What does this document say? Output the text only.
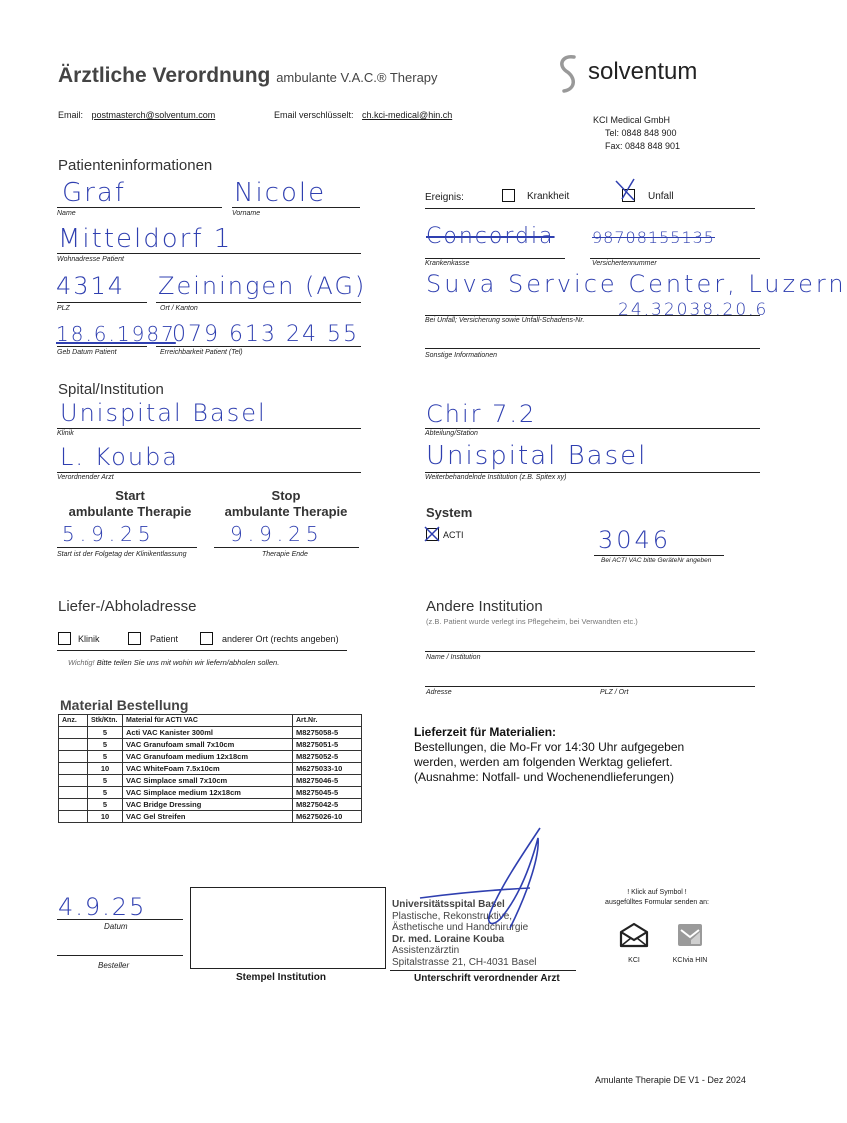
Ärztliche Verordnung ambulante V.A.C.® Therapy	solventum
Email: postmasterch@solventum.com	Email verschlüsselt: ch.kci-medical@hin.ch	KCI Medical GmbH
Tel: 0848 848 900
Fax: 0848 848 901
Patienteninformationen
Graf
Name
Nicole
Vorname
Mitteldorf 1
Wohnadresse Patient
4314
PLZ
Zeiningen (AG)
Ort / Kanton
18.6.1987
Geb Datum Patient
079 613 24 55
Erreichbarkeit Patient (Tel)
Ereignis:	Krankheit	Unfall
Concordia
Krankenkasse
98708155135
Versichertennummer
Suva Service Center, Luzern
24.32038.20.6
Bei Unfall; Versicherung sowie Unfall-Schadens-Nr.
Sonstige Informationen
Spital/Institution
Unispital Basel
Klinik
Chir 7.2
Abteilung/Station
L. Kouba
Verordnender Arzt
Unispital Basel
Weiterbehandelnde Institution (z.B. Spitex xy)
Start
ambulante Therapie
Stop
ambulante Therapie
5.9.25
Start ist der Folgetag der Klinikentlassung
9.9.25
Therapie Ende
System
ACTI	3046
Bei ACTI VAC bitte GeräteNr angeben
Liefer-/Abholadresse
Klinik	Patient	anderer Ort (rechts angeben)
Wichtig! Bitte teilen Sie uns mit wohin wir liefern/abholen sollen.
Andere Institution
(z.B. Patient wurde verlegt ins Pflegeheim, bei Verwandten etc.)
Name / Institution
Adresse	PLZ / Ort
Material Bestellung
Anz.	Stk/Ktn.	Material für ACTI VAC	Art.Nr.
	5	Acti VAC Kanister 300ml	M8275058-5
	5	VAC Granufoam small 7x10cm	M8275051-5
	5	VAC Granufoam medium 12x18cm	M8275052-5
	10	VAC WhiteFoam 7.5x10cm	M6275033-10
	5	VAC Simplace small 7x10cm	M8275046-5
	5	VAC Simplace medium 12x18cm	M8275045-5
	5	VAC Bridge Dressing	M8275042-5
	10	VAC Gel Streifen	M6275026-10
Lieferzeit für Materialien:
Bestellungen, die Mo-Fr vor 14:30 Uhr aufgegeben
werden, werden am folgenden Werktag geliefert.
(Ausnahme: Notfall- und Wochenendlieferungen)
4.9.25
Datum
Besteller
Stempel Institution
Universitätsspital Basel
Plastische, Rekonstruktive,
Ästhetische und Handchirurgie
Dr. med. Loraine Kouba
Assistenzärztin
Spitalstrasse 21, CH-4031 Basel
Unterschrift verordnender Arzt
! Klick auf Symbol !
ausgefülltes Formular senden an:
KCI	KCIvia HIN
Amulante Therapie DE V1 - Dez 2024
